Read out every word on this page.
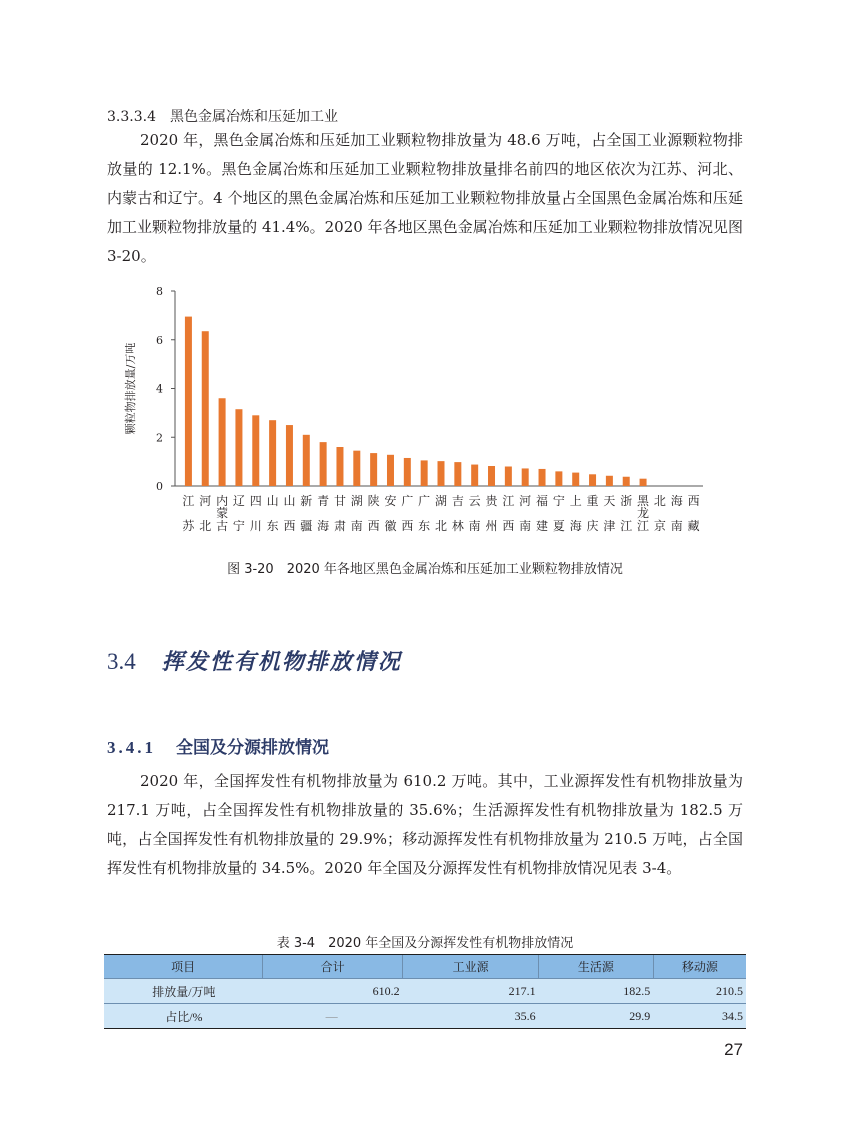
3.3.3.4 黑色金属冶炼和压延加工业

2020 年，黑色金属冶炼和压延加工业颗粒物排放量为 48.6 万吨，占全国工业源颗粒物排放量的 12.1%。黑色金属冶炼和压延加工业颗粒物排放量排名前四的地区依次为江苏、河北、内蒙古和辽宁。4 个地区的黑色金属冶炼和压延加工业颗粒物排放量占全国黑色金属冶炼和压延加工业颗粒物排放量的 41.4%。2020 年各地区黑色金属冶炼和压延加工业颗粒物排放情况见图 3-20。

0
2
4
6
8
颗粒物排放量/万吨
江
苏
河
北
内
蒙
古
辽
宁
四
川
山
东
山
西
新
疆
青
海
甘
肃
湖
南
陕
西
安
徽
广
西
广
东
湖
北
吉
林
云
南
贵
州
江
西
河
南
福
建
宁
夏
上
海
重
庆
天
津
浙
江
黑
龙
江
北
京
海
南
西
藏
图 3-20　2020 年各地区黑色金属冶炼和压延加工业颗粒物排放情况
3.4 挥发性有机物排放情况
3.4.1 全国及分源排放情况

2020 年，全国挥发性有机物排放量为 610.2 万吨。其中，工业源挥发性有机物排放量为 217.1 万吨，占全国挥发性有机物排放量的 35.6%；生活源挥发性有机物排放量为 182.5 万吨，占全国挥发性有机物排放量的 29.9%；移动源挥发性有机物排放量为 210.5 万吨，占全国挥发性有机物排放量的 34.5%。2020 年全国及分源挥发性有机物排放情况见表 3-4。

表 3-4　2020 年全国及分源挥发性有机物排放情况
项目	合计	工业源	生活源	移动源
排放量/万吨	610.2	217.1	182.5	210.5
占比/%	—	35.6	29.9	34.5
27
